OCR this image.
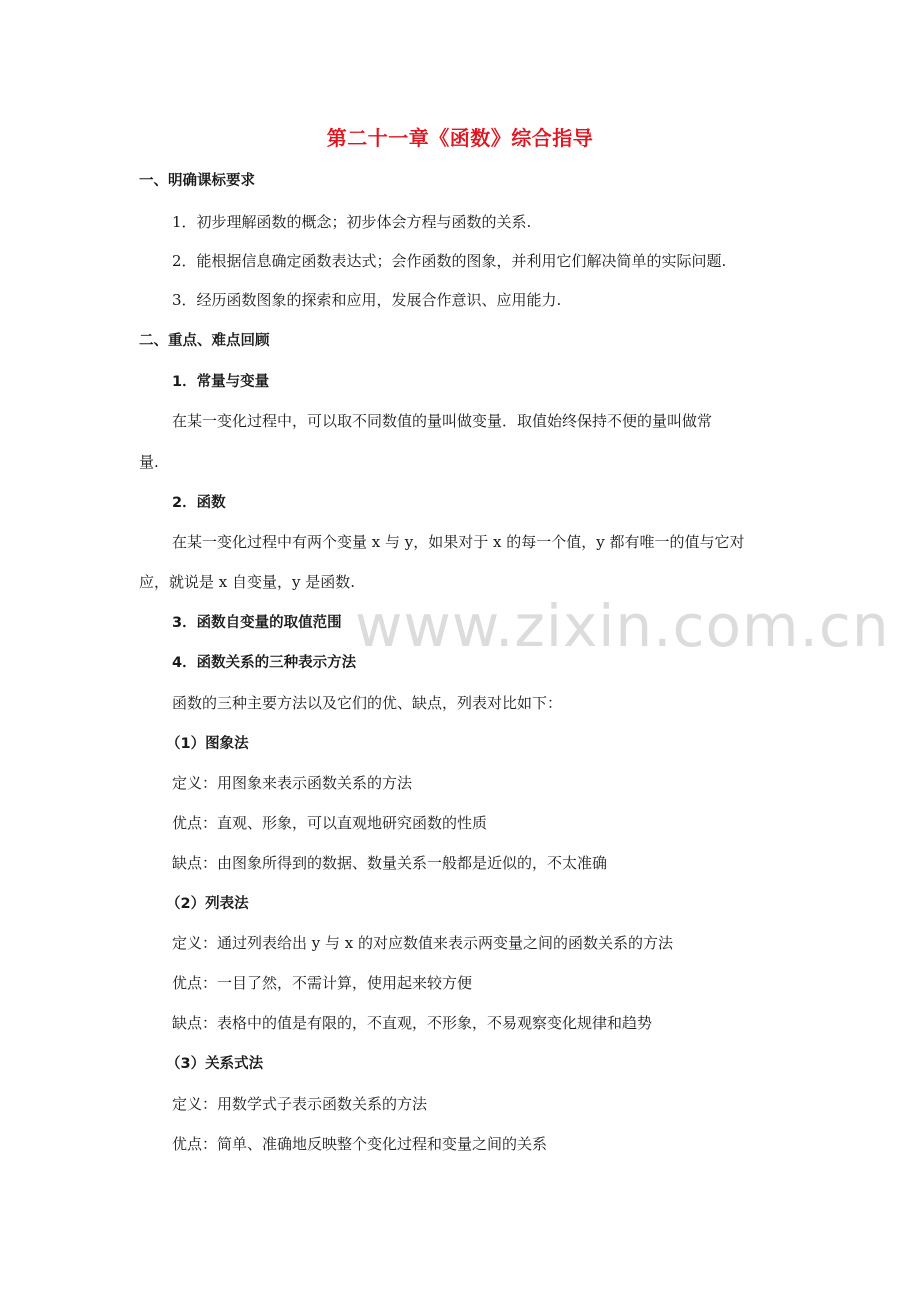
www.zixin.com.cn
第二十一章《函数》综合指导
一、明确课标要求
1．初步理解函数的概念；初步体会方程与函数的关系.
2．能根据信息确定函数表达式；会作函数的图象，并利用它们解决简单的实际问题.
3．经历函数图象的探索和应用，发展合作意识、应用能力.
二、重点、难点回顾
1．常量与变量
在某一变化过程中，可以取不同数值的量叫做变量．取值始终保持不便的量叫做常
量.
2．函数
在某一变化过程中有两个变量 x 与 y，如果对于 x 的每一个值，y 都有唯一的值与它对
应，就说是 x 自变量，y 是函数.
3．函数自变量的取值范围
4．函数关系的三种表示方法
函数的三种主要方法以及它们的优、缺点，列表对比如下：
（1）图象法
定义：用图象来表示函数关系的方法
优点：直观、形象，可以直观地研究函数的性质
缺点：由图象所得到的数据、数量关系一般都是近似的，不太准确
（2）列表法
定义：通过列表给出 y 与 x 的对应数值来表示两变量之间的函数关系的方法
优点：一目了然，不需计算，使用起来较方便
缺点：表格中的值是有限的，不直观，不形象，不易观察变化规律和趋势
（3）关系式法
定义：用数学式子表示函数关系的方法
优点：简单、准确地反映整个变化过程和变量之间的关系
